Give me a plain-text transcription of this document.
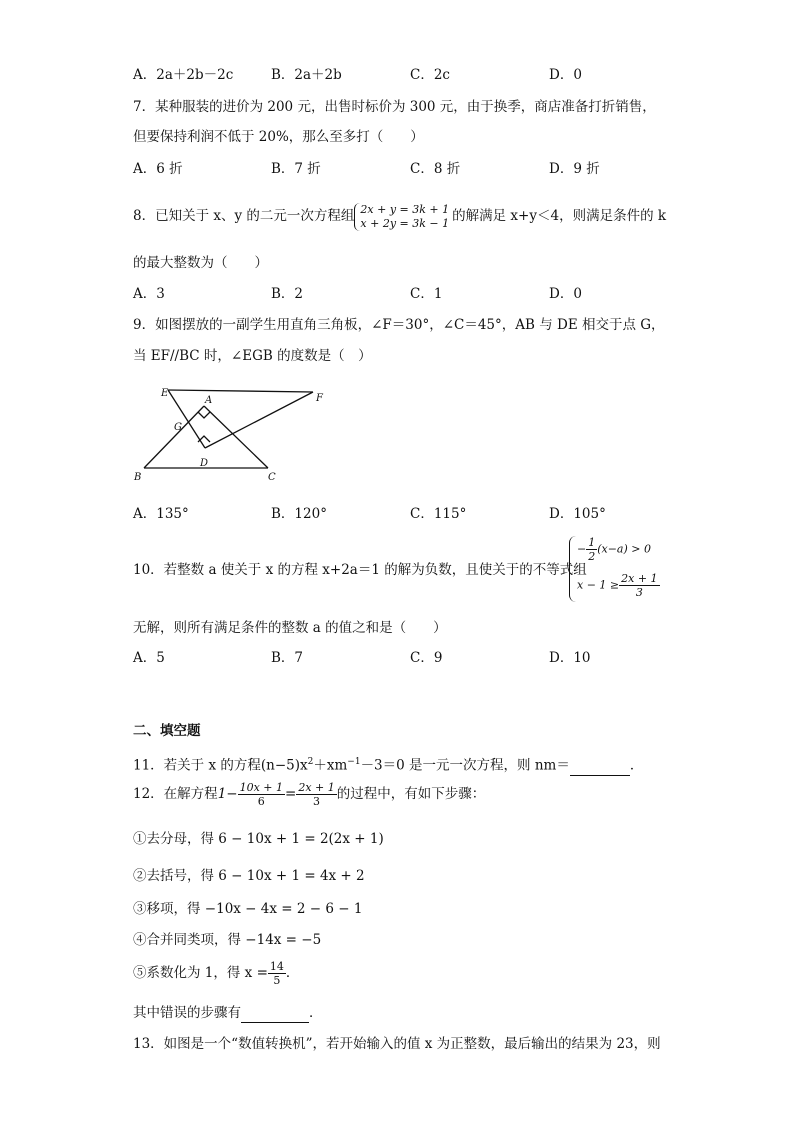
A．2a＋2b－2c	B．2a＋2b	C．2c	D．0
7．某种服装的进价为 200 元，出售时标价为 300 元，由于换季，商店准备打折销售，
但要保持利润不低于 20%，那么至多打（　　）
A．6 折	B．7 折	C．8 折	D．9 折
8．已知关于 x、y 的二元一次方程组 2x + y = 3k + 1
x + 2y = 3k − 1 的解满足 x+y＜4，则满足条件的 k
的最大整数为（　　）
A．3	B．2	C．1	D．0
9．如图摆放的一副学生用直角三角板，∠F＝30°，∠C＝45°，AB 与 DE 相交于点 G，
当 EF//BC 时，∠EGB 的度数是（　）
E	F
A
G
D
B	C
A．135°	B．120°	C．115°	D．105°
10．若整数 a 使关于 x 的方程 x+2a＝1 的解为负数，且使关于的不等式组
− $\frac{1}{2} (x-a) > 0$
$x - 1 \ge \frac{2x + 1}{3}$
无解，则所有满足条件的整数 a 的值之和是（　　）
A．5	B．7	C．9	D．10
二、填空题
11．若关于 x 的方程$(n-5)x^2+xm^{-1}-3=0$ 是一元一次方程，则 nm＝	．
12．在解方程$1- \frac{10x + 1}{6} = \frac{2x + 1}{3}$ 的过程中，有如下步骤：
①去分母，得 6 − 10x + 1 = 2(2x + 1)
②去括号，得 6 − 10x + 1 = 4x + 2
③移项，得 −10x − 4x = 2 − 6 − 1
④合并同类项，得 −14x = −5
⑤系数化为 1，得 $x = \frac{14}{5}$ ．
其中错误的步骤有	．
13．如图是一个“数值转换机”，若开始输入的值 x 为正整数，最后输出的结果为 23，则
